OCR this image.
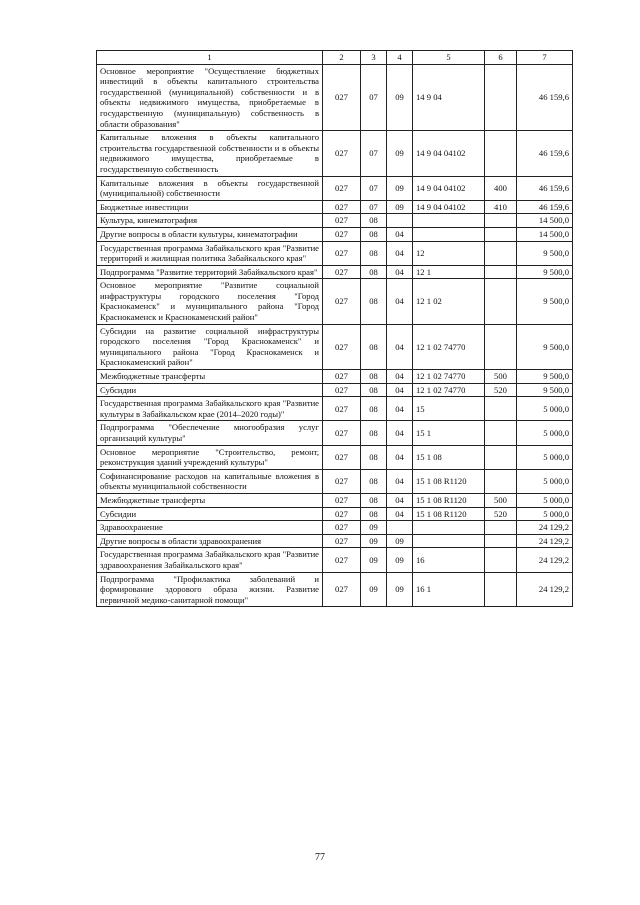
1	2	3	4	5	6	7
Основное мероприятие "Осуществление бюджетных инвестиций в объекты капитального строительства государственной (муниципальной) собственности и в объекты недвижимого имущества, приобретаемые в государственную (муниципальную) собственность в области образования"	027	07	09	14 9 04		46 159,6
Капитальные вложения в объекты капитального строительства государственной собственности и в объекты недвижимого имущества, приобретаемые в государственную собственность	027	07	09	14 9 04 04102		46 159,6
Капитальные вложения в объекты государственной (муниципальной) собственности	027	07	09	14 9 04 04102	400	46 159,6
Бюджетные инвестиции	027	07	09	14 9 04 04102	410	46 159,6
Культура, кинематография	027	08				14 500,0
Другие вопросы в области культуры, кинематографии	027	08	04			14 500,0
Государственная программа Забайкальского края "Развитие территорий и жилищная политика Забайкальского края"	027	08	04	12		9 500,0
Подпрограмма "Развитие территорий Забайкальского края"	027	08	04	12 1		9 500,0
Основное мероприятие "Развитие социальной инфраструктуры городского поселения "Город Краснокаменск" и муниципального района "Город Краснокаменск и Краснокаменский район"	027	08	04	12 1 02		9 500,0
Субсидии на развитие социальной инфраструктуры городского поселения "Город Краснокаменск" и муниципального района "Город Краснокаменск и Краснокаменский район"	027	08	04	12 1 02 74770		9 500,0
Межбюджетные трансферты	027	08	04	12 1 02 74770	500	9 500,0
Субсидии	027	08	04	12 1 02 74770	520	9 500,0
Государственная программа Забайкальского края "Развитие культуры в Забайкальском крае (2014–2020 годы)"	027	08	04	15		5 000,0
Подпрограмма "Обеспечение многообразия услуг организаций культуры"	027	08	04	15 1		5 000,0
Основное мероприятие "Строительство, ремонт, реконструкция зданий учреждений культуры"	027	08	04	15 1 08		5 000,0
Софинансирование расходов на капитальные вложения в объекты муниципальной собственности	027	08	04	15 1 08 R1120		5 000,0
Межбюджетные трансферты	027	08	04	15 1 08 R1120	500	5 000,0
Субсидии	027	08	04	15 1 08 R1120	520	5 000,0
Здравоохранение	027	09				24 129,2
Другие вопросы в области здравоохранения	027	09	09			24 129,2
Государственная программа Забайкальского края "Развитие здравоохранения Забайкальского края"	027	09	09	16		24 129,2
Подпрограмма "Профилактика заболеваний и формирование здорового образа жизни. Развитие первичной медико-санитарной помощи"	027	09	09	16 1		24 129,2
77
